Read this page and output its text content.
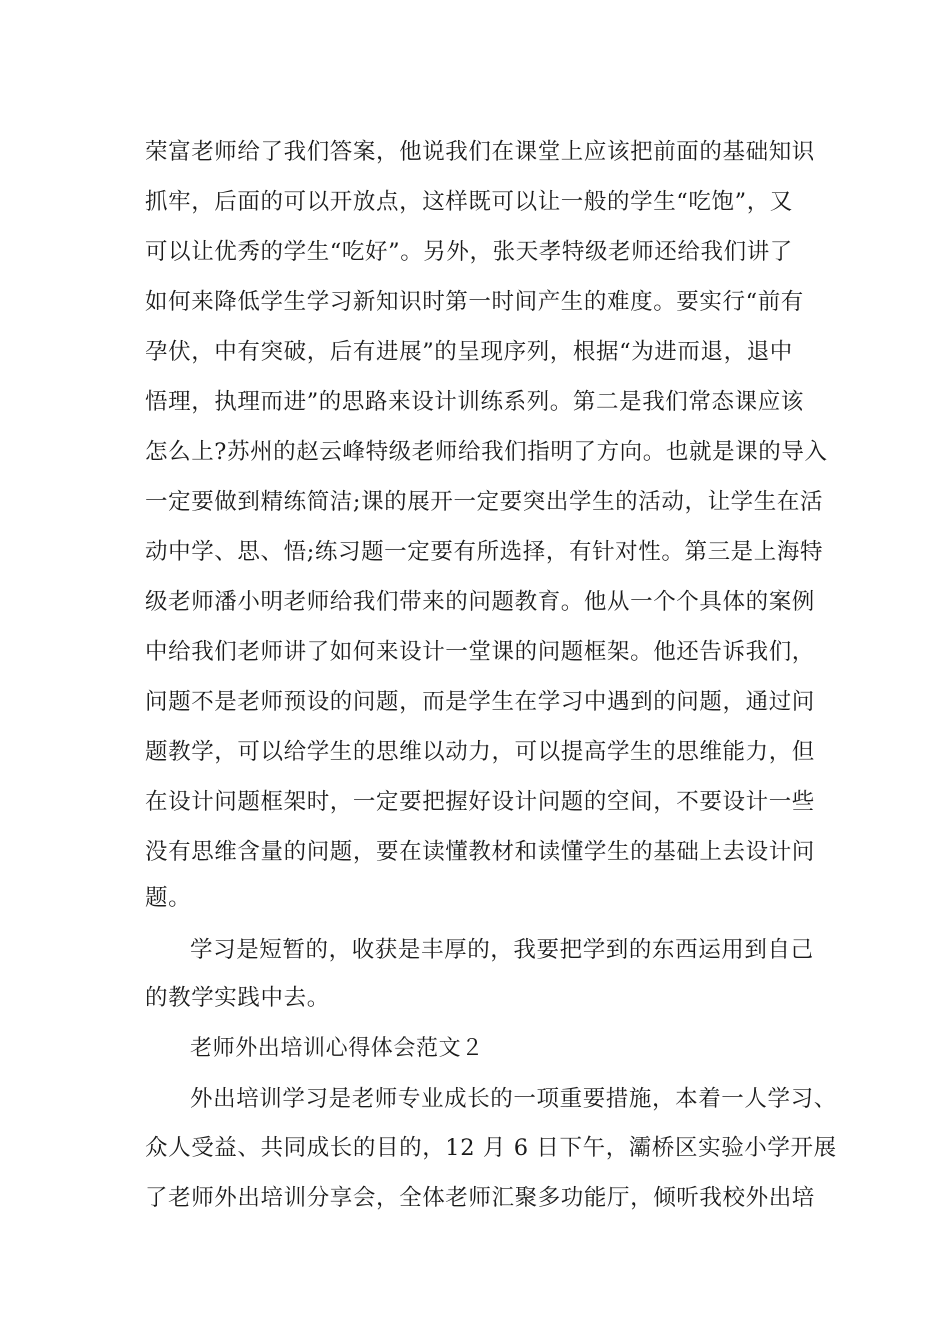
荣富老师给了我们答案，他说我们在课堂上应该把前面的基础知识
抓牢，后面的可以开放点，这样既可以让一般的学生“吃饱”，又
可以让优秀的学生“吃好”。另外，张天孝特级老师还给我们讲了
如何来降低学生学习新知识时第一时间产生的难度。要实行“前有
孕伏，中有突破，后有进展”的呈现序列，根据“为进而退，退中
悟理，执理而进”的思路来设计训练系列。第二是我们常态课应该
怎么上?苏州的赵云峰特级老师给我们指明了方向。也就是课的导入
一定要做到精练简洁;课的展开一定要突出学生的活动，让学生在活
动中学、思、悟;练习题一定要有所选择，有针对性。第三是上海特
级老师潘小明老师给我们带来的问题教育。他从一个个具体的案例
中给我们老师讲了如何来设计一堂课的问题框架。他还告诉我们，
问题不是老师预设的问题，而是学生在学习中遇到的问题，通过问
题教学，可以给学生的思维以动力，可以提高学生的思维能力，但
在设计问题框架时，一定要把握好设计问题的空间，不要设计一些
没有思维含量的问题，要在读懂教材和读懂学生的基础上去设计问
题。
学习是短暂的，收获是丰厚的，我要把学到的东西运用到自己
的教学实践中去。
老师外出培训心得体会范文２
外出培训学习是老师专业成长的一项重要措施，本着一人学习、
众人受益、共同成长的目的，12 月 6 日下午，灞桥区实验小学开展
了老师外出培训分享会，全体老师汇聚多功能厅，倾听我校外出培
